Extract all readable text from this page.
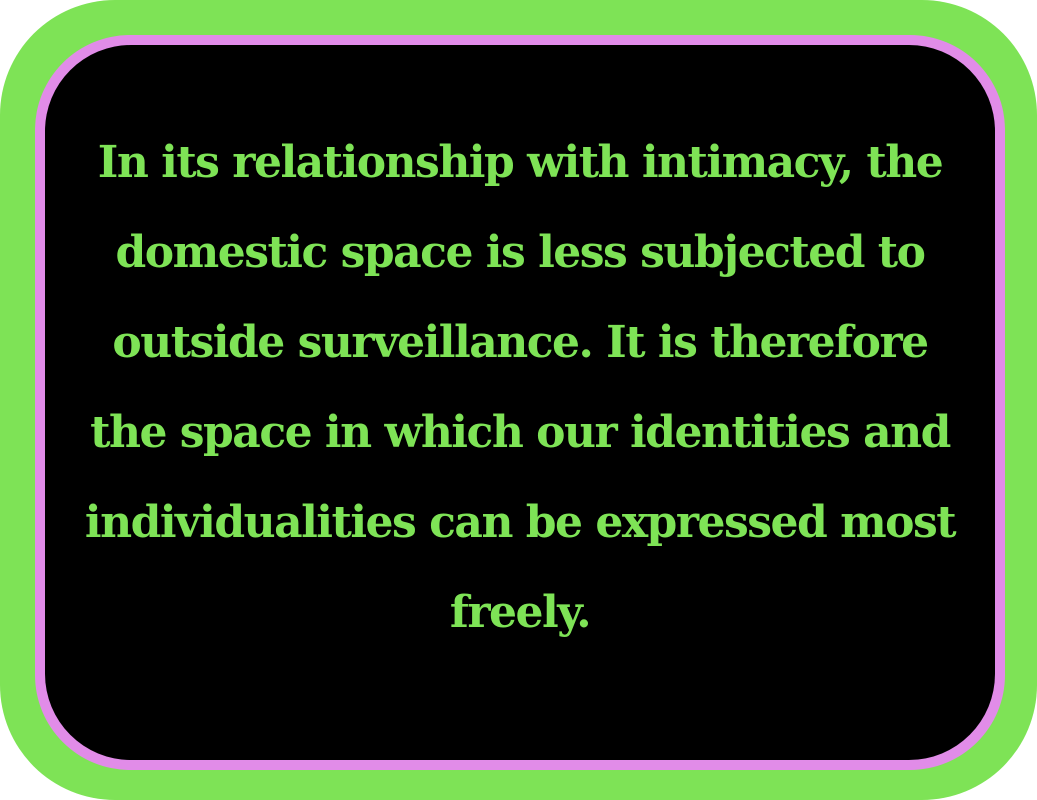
In its relationship with intimacy, the domestic space is less subjected to outside surveillance. It is therefore the space in which our identities and individualities can be expressed most freely.
